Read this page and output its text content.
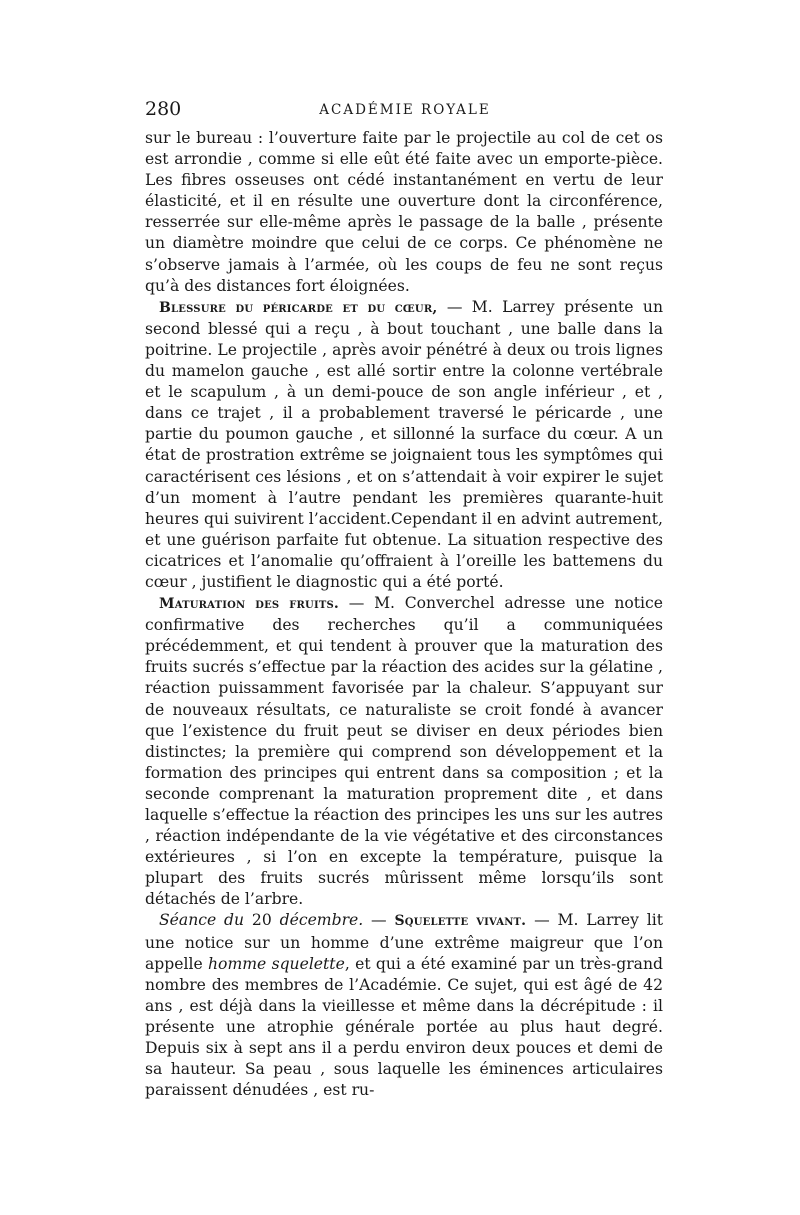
280	ACADÉMIE ROYALE

sur le bureau : l’ouverture faite par le projectile au col de cet os est arrondie , comme si elle eût été faite avec un emporte-pièce. Les fibres osseuses ont cédé instantanément en vertu de leur élasticité, et il en résulte une ouverture dont la circonférence, resserrée sur elle-même après le passage de la balle , présente un diamètre moindre que celui de ce corps. Ce phénomène ne s’observe jamais à l’armée, où les coups de feu ne sont reçus qu’à des distances fort éloignées.

Blessure du péricarde et du cœur, — M. Larrey présente un second blessé qui a reçu , à bout touchant , une balle dans la poitrine. Le projectile , après avoir pénétré à deux ou trois lignes du mamelon gauche , est allé sortir entre la colonne vertébrale et le scapulum , à un demi-pouce de son angle inférieur , et , dans ce trajet , il a probablement traversé le péricarde , une partie du poumon gauche , et sillonné la surface du cœur. A un état de prostration extrême se joignaient tous les symptômes qui caractérisent ces lésions , et on s’attendait à voir expirer le sujet d’un moment à l’autre pendant les premières quarante-huit heures qui suivirent l’accident.Cependant il en advint autrement, et une guérison parfaite fut obtenue. La situation respective des cicatrices et l’anomalie qu’offraient à l’oreille les battemens du cœur , justifient le diagnostic qui a été porté.

Maturation des fruits. — M. Converchel adresse une notice confirmative des recherches qu’il a communiquées précédemment, et qui tendent à prouver que la maturation des fruits sucrés s’effectue par la réaction des acides sur la gélatine , réaction puissamment favorisée par la chaleur. S’appuyant sur de nouveaux résultats, ce naturaliste se croit fondé à avancer que l’existence du fruit peut se diviser en deux périodes bien distinctes; la première qui comprend son développement et la formation des principes qui entrent dans sa composition ; et la seconde comprenant la maturation proprement dite , et dans laquelle s’effectue la réaction des principes les uns sur les autres , réaction indépendante de la vie végétative et des circonstances extérieures , si l’on en excepte la température, puisque la plupart des fruits sucrés mûrissent même lorsqu’ils sont détachés de l’arbre.

Séance du 20 décembre. — Squelette vivant. — M. Larrey lit une notice sur un homme d’une extrême maigreur que l’on appelle homme squelette, et qui a été examiné par un très-grand nombre des membres de l’Académie. Ce sujet, qui est âgé de 42 ans , est déjà dans la vieillesse et même dans la décrépitude : il présente une atrophie générale portée au plus haut degré. Depuis six à sept ans il a perdu environ deux pouces et demi de sa hauteur. Sa peau , sous laquelle les éminences articulaires paraissent dénudées , est ru-
